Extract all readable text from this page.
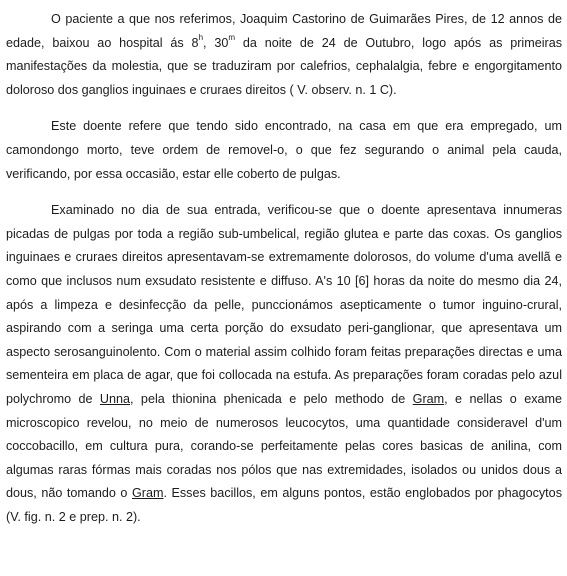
O paciente a que nos referimos, Joaquim Castorino de Guimarães Pires, de 12 annos de edade, baixou ao hospital ás 8$^h$, 30$^m$ da noite de 24 de Outubro, logo após as primeiras manifestações da molestia, que se traduziram por calefrios, cephalalgia, febre e engorgitamento doloroso dos ganglios inguinaes e cruraes direitos ( V. observ. n. 1 C).

Este doente refere que tendo sido encontrado, na casa em que era empregado, um camondongo morto, teve ordem de removel-o, o que fez segurando o animal pela cauda, verificando, por essa occasião, estar elle coberto de pulgas.

Examinado no dia de sua entrada, verificou-se que o doente apresentava innumeras picadas de pulgas por toda a região sub-umbelical, região glutea e parte das coxas. Os ganglios inguinaes e cruraes direitos apresentavam-se extremamente dolorosos, do volume d'uma avellã e como que inclusos num exsudato resistente e diffuso. A's 10 [6] horas da noite do mesmo dia 24, após a limpeza e desinfecção da pelle, punccionámos asepticamente o tumor inguino-crural, aspirando com a seringa uma certa porção do exsudato peri-ganglionar, que apresentava um aspecto serosanguinolento. Com o material assim colhido foram feitas preparações directas e uma sementeira em placa de agar, que foi collocada na estufa. As preparações foram coradas pelo azul polychromo de Unna, pela thionina phenicada e pelo methodo de Gram, e nellas o exame microscopico revelou, no meio de numerosos leucocytos, uma quantidade consideravel d'um coccobacillo, em cultura pura, corando-se perfeitamente pelas cores basicas de anilina, com algumas raras fórmas mais coradas nos pólos que nas extremidades, isolados ou unidos dous a dous, não tomando o Gram. Esses bacillos, em alguns pontos, estão englobados por phagocytos (V. fig. n. 2 e prep. n. 2).
